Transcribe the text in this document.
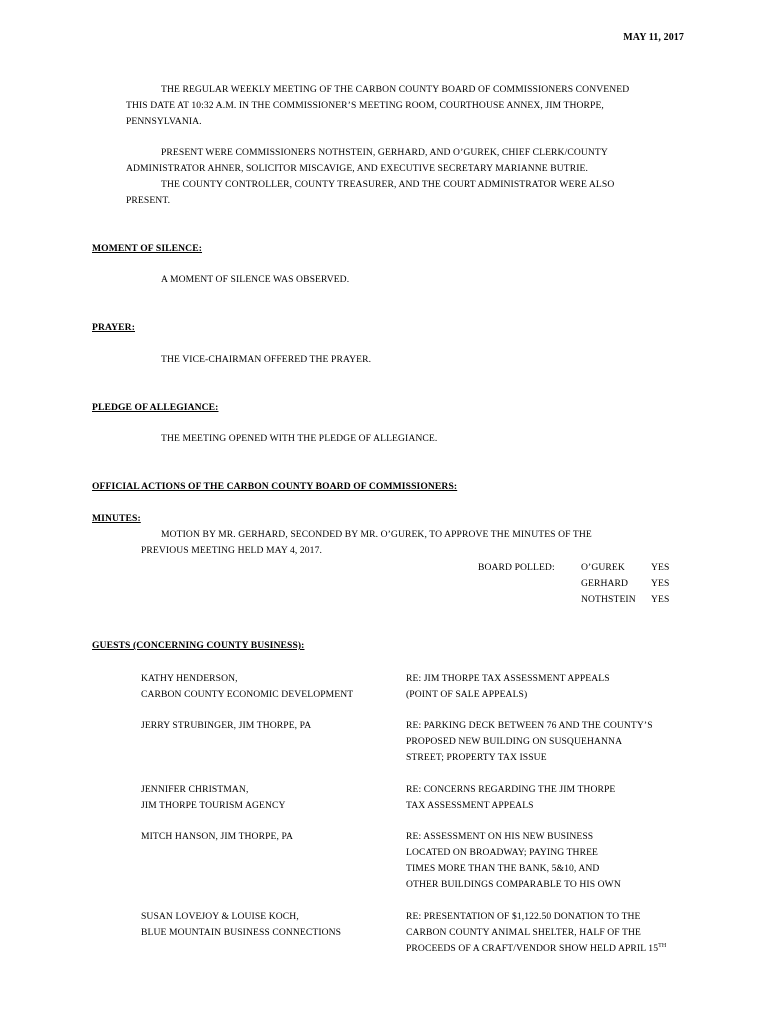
MAY 11, 2017
THE REGULAR WEEKLY MEETING OF THE CARBON COUNTY BOARD OF COMMISSIONERS CONVENED
THIS DATE AT 10:32 A.M. IN THE COMMISSIONER’S MEETING ROOM, COURTHOUSE ANNEX, JIM THORPE,
PENNSYLVANIA.
PRESENT WERE COMMISSIONERS NOTHSTEIN, GERHARD, AND O’GUREK, CHIEF CLERK/COUNTY
ADMINISTRATOR AHNER, SOLICITOR MISCAVIGE, AND EXECUTIVE SECRETARY MARIANNE BUTRIE.
THE COUNTY CONTROLLER, COUNTY TREASURER, AND THE COURT ADMINISTRATOR WERE ALSO
PRESENT.
MOMENT OF SILENCE:
A MOMENT OF SILENCE WAS OBSERVED.
PRAYER:
THE VICE-CHAIRMAN OFFERED THE PRAYER.
PLEDGE OF ALLEGIANCE:
THE MEETING OPENED WITH THE PLEDGE OF ALLEGIANCE.
OFFICIAL ACTIONS OF THE CARBON COUNTY BOARD OF COMMISSIONERS:
MINUTES:
MOTION BY MR. GERHARD, SECONDED BY MR. O’GUREK, TO APPROVE THE MINUTES OF THE
PREVIOUS MEETING HELD MAY 4, 2017.
BOARD POLLED:	O’GUREK	YES
GERHARD YES
NOTHSTEIN YES
GUESTS (CONCERNING COUNTY BUSINESS):
KATHY HENDERSON,
CARBON COUNTY ECONOMIC DEVELOPMENT
RE: JIM THORPE TAX ASSESSMENT APPEALS
(POINT OF SALE APPEALS)
JERRY STRUBINGER, JIM THORPE, PA	RE: PARKING DECK BETWEEN 76 AND THE COUNTY’S
PROPOSED NEW BUILDING ON SUSQUEHANNA
STREET; PROPERTY TAX ISSUE
JENNIFER CHRISTMAN,
JIM THORPE TOURISM AGENCY
RE: CONCERNS REGARDING THE JIM THORPE
TAX ASSESSMENT APPEALS
MITCH HANSON, JIM THORPE, PA	RE: ASSESSMENT ON HIS NEW BUSINESS
LOCATED ON BROADWAY; PAYING THREE
TIMES MORE THAN THE BANK, 5&10, AND
OTHER BUILDINGS COMPARABLE TO HIS OWN
SUSAN LOVEJOY & LOUISE KOCH,
BLUE MOUNTAIN BUSINESS CONNECTIONS
RE: PRESENTATION OF $1,122.50 DONATION TO THE
CARBON COUNTY ANIMAL SHELTER, HALF OF THE
PROCEEDS OF A CRAFT/VENDOR SHOW HELD APRIL 15TH
